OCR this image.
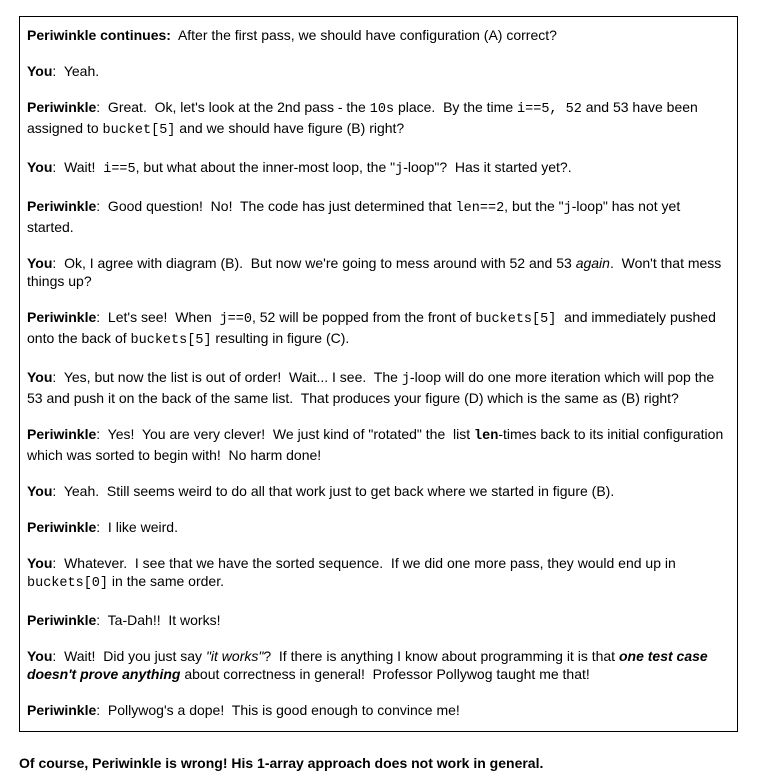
Periwinkle continues:  After the first pass, we should have configuration (A) correct?

You:  Yeah.

Periwinkle:  Great.  Ok, let's look at the 2nd pass - the 10s place.  By the time i==5, 52 and 53 have been assigned to bucket[5] and we should have figure (B) right?

You:  Wait!  i==5, but what about the inner-most loop, the "j-loop"?  Has it started yet?.

Periwinkle:  Good question!  No!  The code has just determined that len==2, but the "j-loop" has not yet started.

You:  Ok, I agree with diagram (B).  But now we're going to mess around with 52 and 53 again.  Won't that mess things up?

Periwinkle:  Let's see!  When  j==0, 52 will be popped from the front of buckets[5]  and immediately pushed onto the back of buckets[5] resulting in figure (C).

You:  Yes, but now the list is out of order!  Wait... I see.  The j-loop will do one more iteration which will pop the 53 and push it on the back of the same list.  That produces your figure (D) which is the same as (B) right?

Periwinkle:  Yes!  You are very clever!  We just kind of "rotated" the  list len-times back to its initial configuration which was sorted to begin with!  No harm done!

You:  Yeah.  Still seems weird to do all that work just to get back where we started in figure (B).

Periwinkle:  I like weird.

You:  Whatever.  I see that we have the sorted sequence.  If we did one more pass, they would end up in buckets[0] in the same order.

Periwinkle:  Ta-Dah!!  It works!

You:  Wait!  Did you just say "it works"?  If there is anything I know about programming it is that one test case doesn't prove anything about correctness in general!  Professor Pollywog taught me that!

Periwinkle:  Pollywog's a dope!  This is good enough to convince me!

Of course, Periwinkle is wrong! His 1-array approach does not work in general.
